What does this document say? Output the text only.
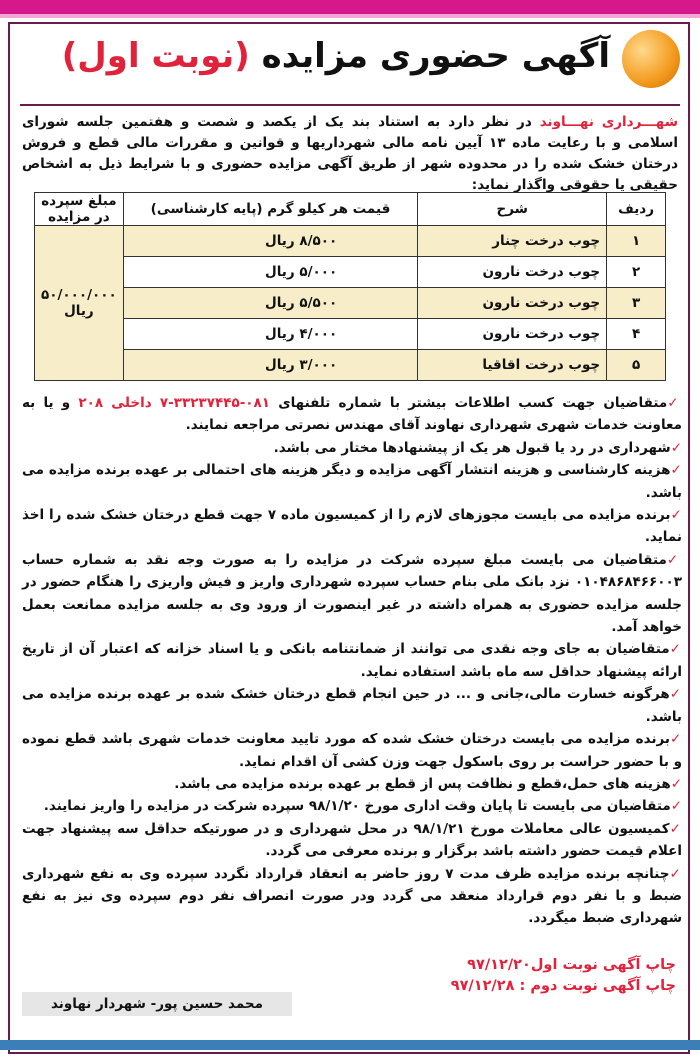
آگهی حضوری مزایده (نوبت اول)
شهـــرداری نهـــاوند در نظر دارد به استناد بند یک از یکصد و شصت و هفتمین جلسه شورای اسلامی و با رعایت ماده ۱۳ آیین نامه مالی شهرداریها و قوانین و مقررات مالی قطع و فروش درختان خشک شده را در محدوده شهر از طریق آگهی مزایده حضوری و با شرایط ذیل به اشخاص حقیقی یا حقوقی واگذار نماید:
ردیف	شرح	قیمت هر کیلو گرم (پایه کارشناسی)	مبلغ سپرده در مزایده
۱	چوب درخت چنار	۸/۵۰۰ ریال	۵۰/۰۰۰/۰۰۰ ریال
۲	چوب درخت نارون	۵/۰۰۰ ریال	
۳	چوب درخت نارون	۵/۵۰۰ ریال	
۴	چوب درخت نارون	۴/۰۰۰ ریال	
۵	چوب درخت اقاقیا	۳/۰۰۰ ریال	

✓متقاضیان جهت کسب اطلاعات بیشتر با شماره تلفنهای ۰۸۱-۳۳۲۳۷۴۴۵-۷ داخلی ۲۰۸ و یا به معاونت خدمات شهری شهرداری نهاوند آقای مهندس نصرتی مراجعه نمایند.

✓شهرداری در رد یا قبول هر یک از پیشنهادها مختار می باشد.

✓هزینه کارشناسی و هزینه انتشار آگهی مزایده و دیگر هزینه های احتمالی بر عهده برنده مزایده می باشد.

✓برنده مزایده می بایست مجوزهای لازم را از کمیسیون ماده ۷ جهت قطع درختان خشک شده را اخذ نماید.

✓متقاضیان می بایست مبلغ سپرده شرکت در مزایده را به صورت وجه نقد به شماره حساب ۰۱۰۴۸۶۸۴۶۶۰۰۳ نزد بانک ملی بنام حساب سپرده شهرداری واریز و فیش واریزی را هنگام حضور در جلسه مزایده حضوری به همراه داشته در غیر اینصورت از ورود وی به جلسه مزایده ممانعت بعمل خواهد آمد.

✓متقاضیان به جای وجه نقدی می توانند از ضمانتنامه بانکی و یا اسناد خزانه که اعتبار آن از تاریخ ارائه پیشنهاد حداقل سه ماه باشد استفاده نماید.

✓هرگونه خسارت مالی،جانی و ... در حین انجام قطع درختان خشک شده بر عهده برنده مزایده می باشد.

✓برنده مزایده می بایست درختان خشک شده که مورد تایید معاونت خدمات شهری باشد قطع نموده و با حضور حراست بر روی باسکول جهت وزن کشی آن اقدام نماید.

✓هزینه های حمل،قطع و نظافت پس از قطع بر عهده برنده مزایده می باشد.

✓متقاضیان می بایست تا پایان وقت اداری مورخ ۹۸/۱/۲۰ سپرده شرکت در مزایده را واریز نمایند.

✓کمیسیون عالی معاملات مورخ ۹۸/۱/۲۱ در محل شهرداری و در صورتیکه حداقل سه پیشنهاد جهت اعلام قیمت حضور داشته باشد برگزار و برنده معرفی می گردد.

✓چنانچه برنده مزایده ظرف مدت ۷ روز حاضر به انعقاد قرارداد نگردد سپرده وی به نفع شهرداری ضبط و با نفر دوم قرارداد منعقد می گردد ودر صورت انصراف نفر دوم سپرده وی نیز به نفع شهرداری ضبط میگردد.

چاپ آگهی نوبت اول۹۷/۱۲/۲۰
چاپ آگهی نوبت دوم : ۹۷/۱۲/۲۸
محمد حسین پور- شهردار نهاوند
